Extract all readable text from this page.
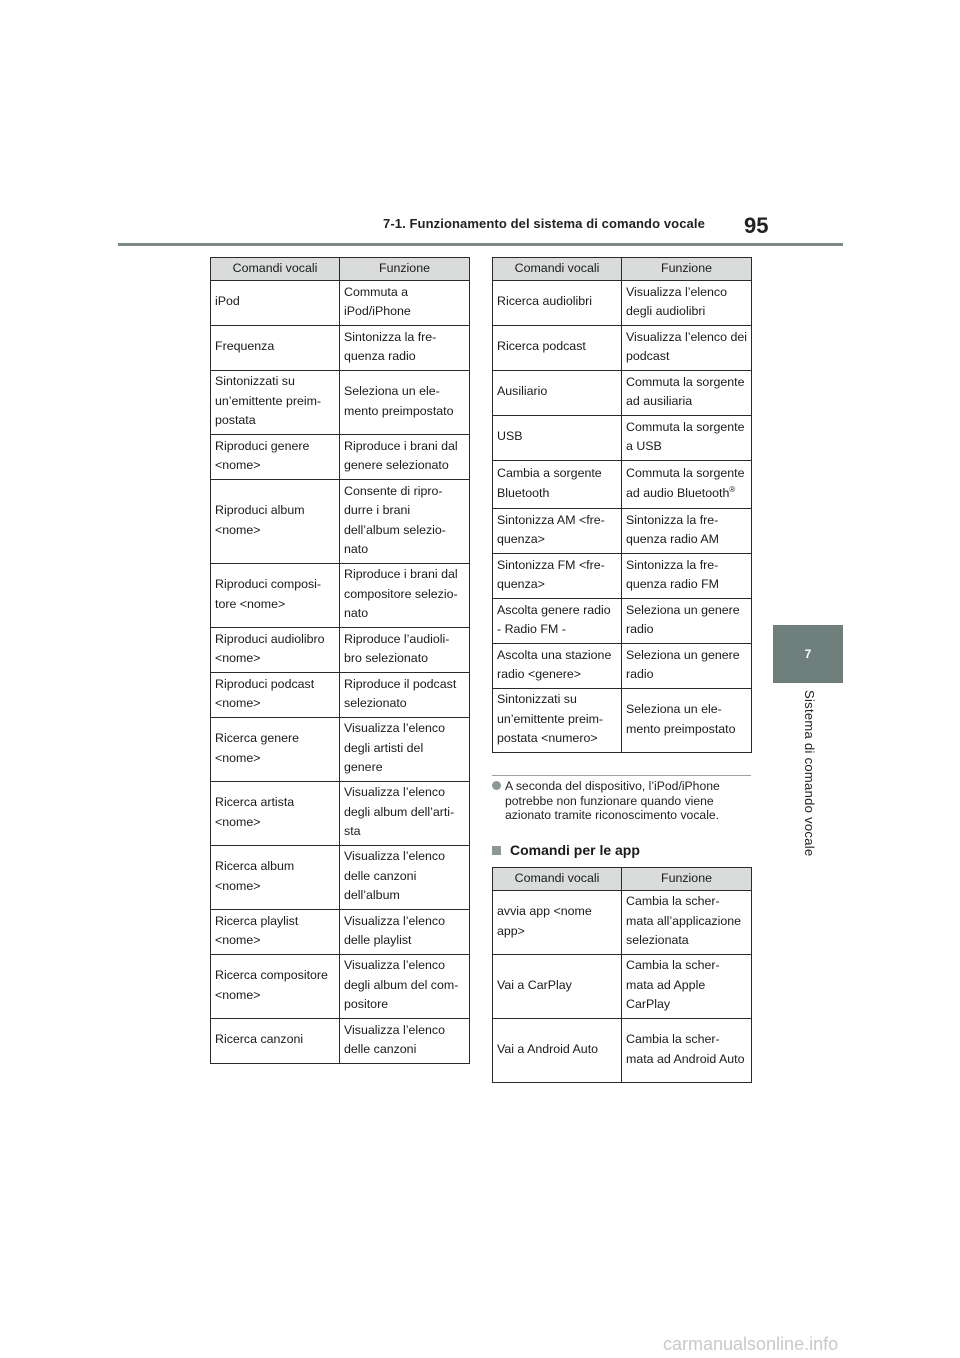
7-1. Funzionamento del sistema di comando vocale 95
7
Sistema di comando vocale
Comandi vocali	Funzione
iPod	Commuta a iPod/iPhone
Frequenza	Sintonizza la fre-quenza radio
Sintonizzati su un’emittente preim-postata	Seleziona un ele-mento preimpostato
Riproduci genere <nome>	Riproduce i brani dal genere selezionato
Riproduci album <nome>	Consente di ripro-durre i brani dell’album selezio-nato
Riproduci composi-tore <nome>	Riproduce i brani dal compositore selezio-nato
Riproduci audiolibro <nome>	Riproduce l’audioli-bro selezionato
Riproduci podcast <nome>	Riproduce il podcast selezionato
Ricerca genere <nome>	Visualizza l’elenco degli artisti del genere
Ricerca artista <nome>	Visualizza l’elenco degli album dell’arti-sta
Ricerca album <nome>	Visualizza l’elenco delle canzoni dell’album
Ricerca playlist <nome>	Visualizza l’elenco delle playlist
Ricerca compositore <nome>	Visualizza l’elenco degli album del com-positore
Ricerca canzoni	Visualizza l’elenco delle canzoni
Comandi vocali	Funzione
Ricerca audiolibri	Visualizza l’elenco degli audiolibri
Ricerca podcast	Visualizza l’elenco dei podcast
Ausiliario	Commuta la sorgente ad ausiliaria
USB	Commuta la sorgente a USB
Cambia a sorgente Bluetooth	Commuta la sorgente ad audio Bluetooth®
Sintonizza AM <fre-quenza>	Sintonizza la fre-quenza radio AM
Sintonizza FM <fre-quenza>	Sintonizza la fre-quenza radio FM
Ascolta genere radio - Radio FM -	Seleziona un genere radio
Ascolta una stazione radio <genere>	Seleziona un genere radio
Sintonizzati su un’emittente preim-postata <numero>	Seleziona un ele-mento preimpostato
A seconda del dispositivo, l’iPod/iPhone potrebbe non funzionare quando viene azionato tramite riconoscimento vocale.
Comandi per le app
Comandi vocali	Funzione
avvia app <nome app>	Cambia la scher-mata all’applicazione selezionata
Vai a CarPlay	Cambia la scher-mata ad Apple CarPlay
Vai a Android Auto	Cambia la scher-mata ad Android Auto
carmanualsonline.info
